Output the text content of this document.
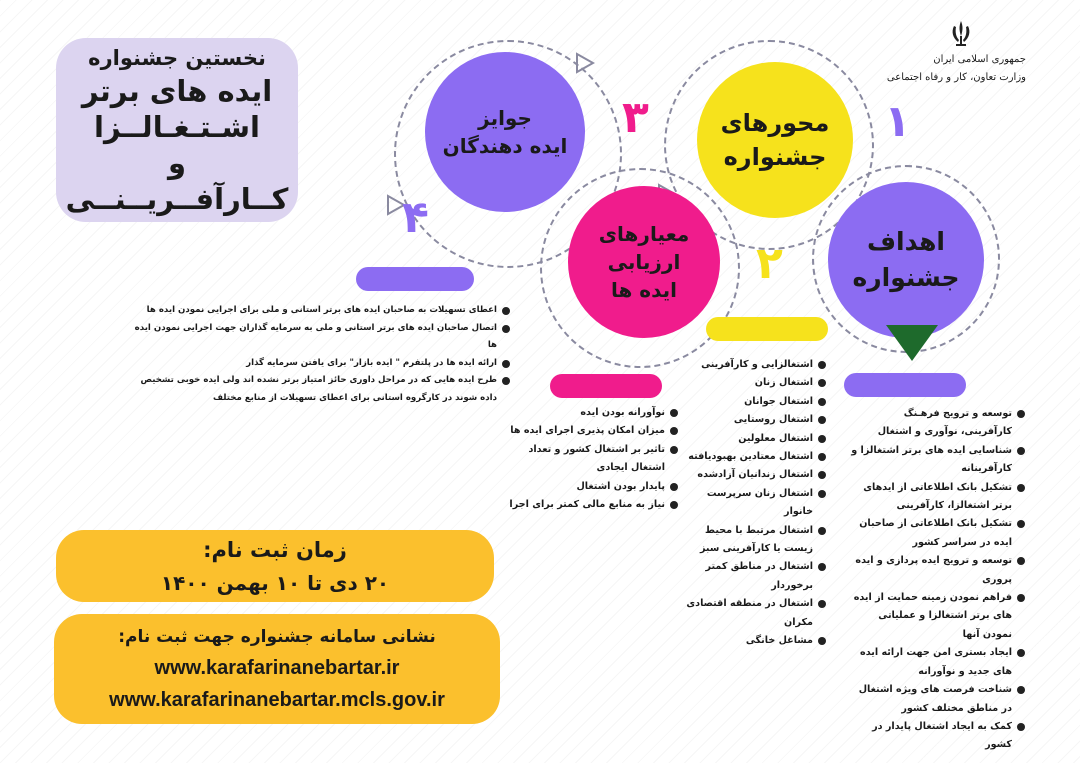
نخستین جشنواره
ایده های برتر
اشـتـغـالــزا
و کــارآفــریــنــی
جمهوری اسلامی ایران
وزارت تعاون، کار و رفاه اجتماعی
جوایز
ایده دهندگان
محورهای
جشنواره
معیارهای
ارزیابی
ایده ها
اهداف
جشنواره
۱
۲
۳
۴
اعطای تسهیلات به صاحبان ایده های برتر استانی و ملی برای اجرایی نمودن ایده ها
اتصال صاحبان ایده های برتر استانی و ملی به سرمایه گذاران جهت اجرایی نمودن ایده ها
ارائه ایده ها در پلتفرم " ایده بازار" برای یافتن سرمایه گذار
طرح ایده هایی که در مراحل داوری حائز امتیاز برتر نشده اند ولی ایده خوبی تشخیص داده شوند در کارگروه استانی برای اعطای تسهیلات از منابع مختلف
اشتغالزایی و کارآفرینی
اشتغال زنان
اشتغال جوانان
اشتغال روستایی
اشتغال معلولین
اشتغال معتادین بهبودیافته
اشتغال زندانیان آزادشده
اشتغال زنان سرپرست خانوار
اشتغال مرتبط با محیط زیست یا کارآفرینی سبز
اشتغال در مناطق کمتر برخوردار
اشتغال در منطقه اقتصادی مکران
مشاغل خانگی
نوآورانه بودن ایده
میزان امکان پذیری اجرای ایده ها
تاثیر بر اشتغال کشور و تعداد اشتغال ایجادی
پایدار بودن اشتغال
نیاز به منابع مالی کمتر برای اجرا
توسعه و ترویج فرهـنگ کارآفرینی، نوآوری و اشتغال
شناسایی ایده های برتر اشتغالزا و کارآفرینانه
تشکیل بانک اطلاعاتی از ایدهای برتر اشتغالزا، کارآفرینی
تشکیل بانک اطلاعاتی از صاحبان ایده در سراسر کشور
توسعه و ترویج ایده پردازی و ایده پروری
فراهم نمودن زمینه حمایت از ایده های برتر اشتغالزا و عملیاتی نمودن آنها
ایجاد بستری امن جهت ارائه ایده های جدید و نوآورانه
شناخت فرصت های ویژه اشتغال در مناطق مختلف کشور
کمک به ایجاد اشتغال پایدار در کشور
زمان ثبت نام:
۲۰ دی تا ۱۰ بهمن ۱۴۰۰
نشانی سامانه جشنواره جهت ثبت نام:
www.karafarinanebartar.ir
www.karafarinanebartar.mcls.gov.ir
